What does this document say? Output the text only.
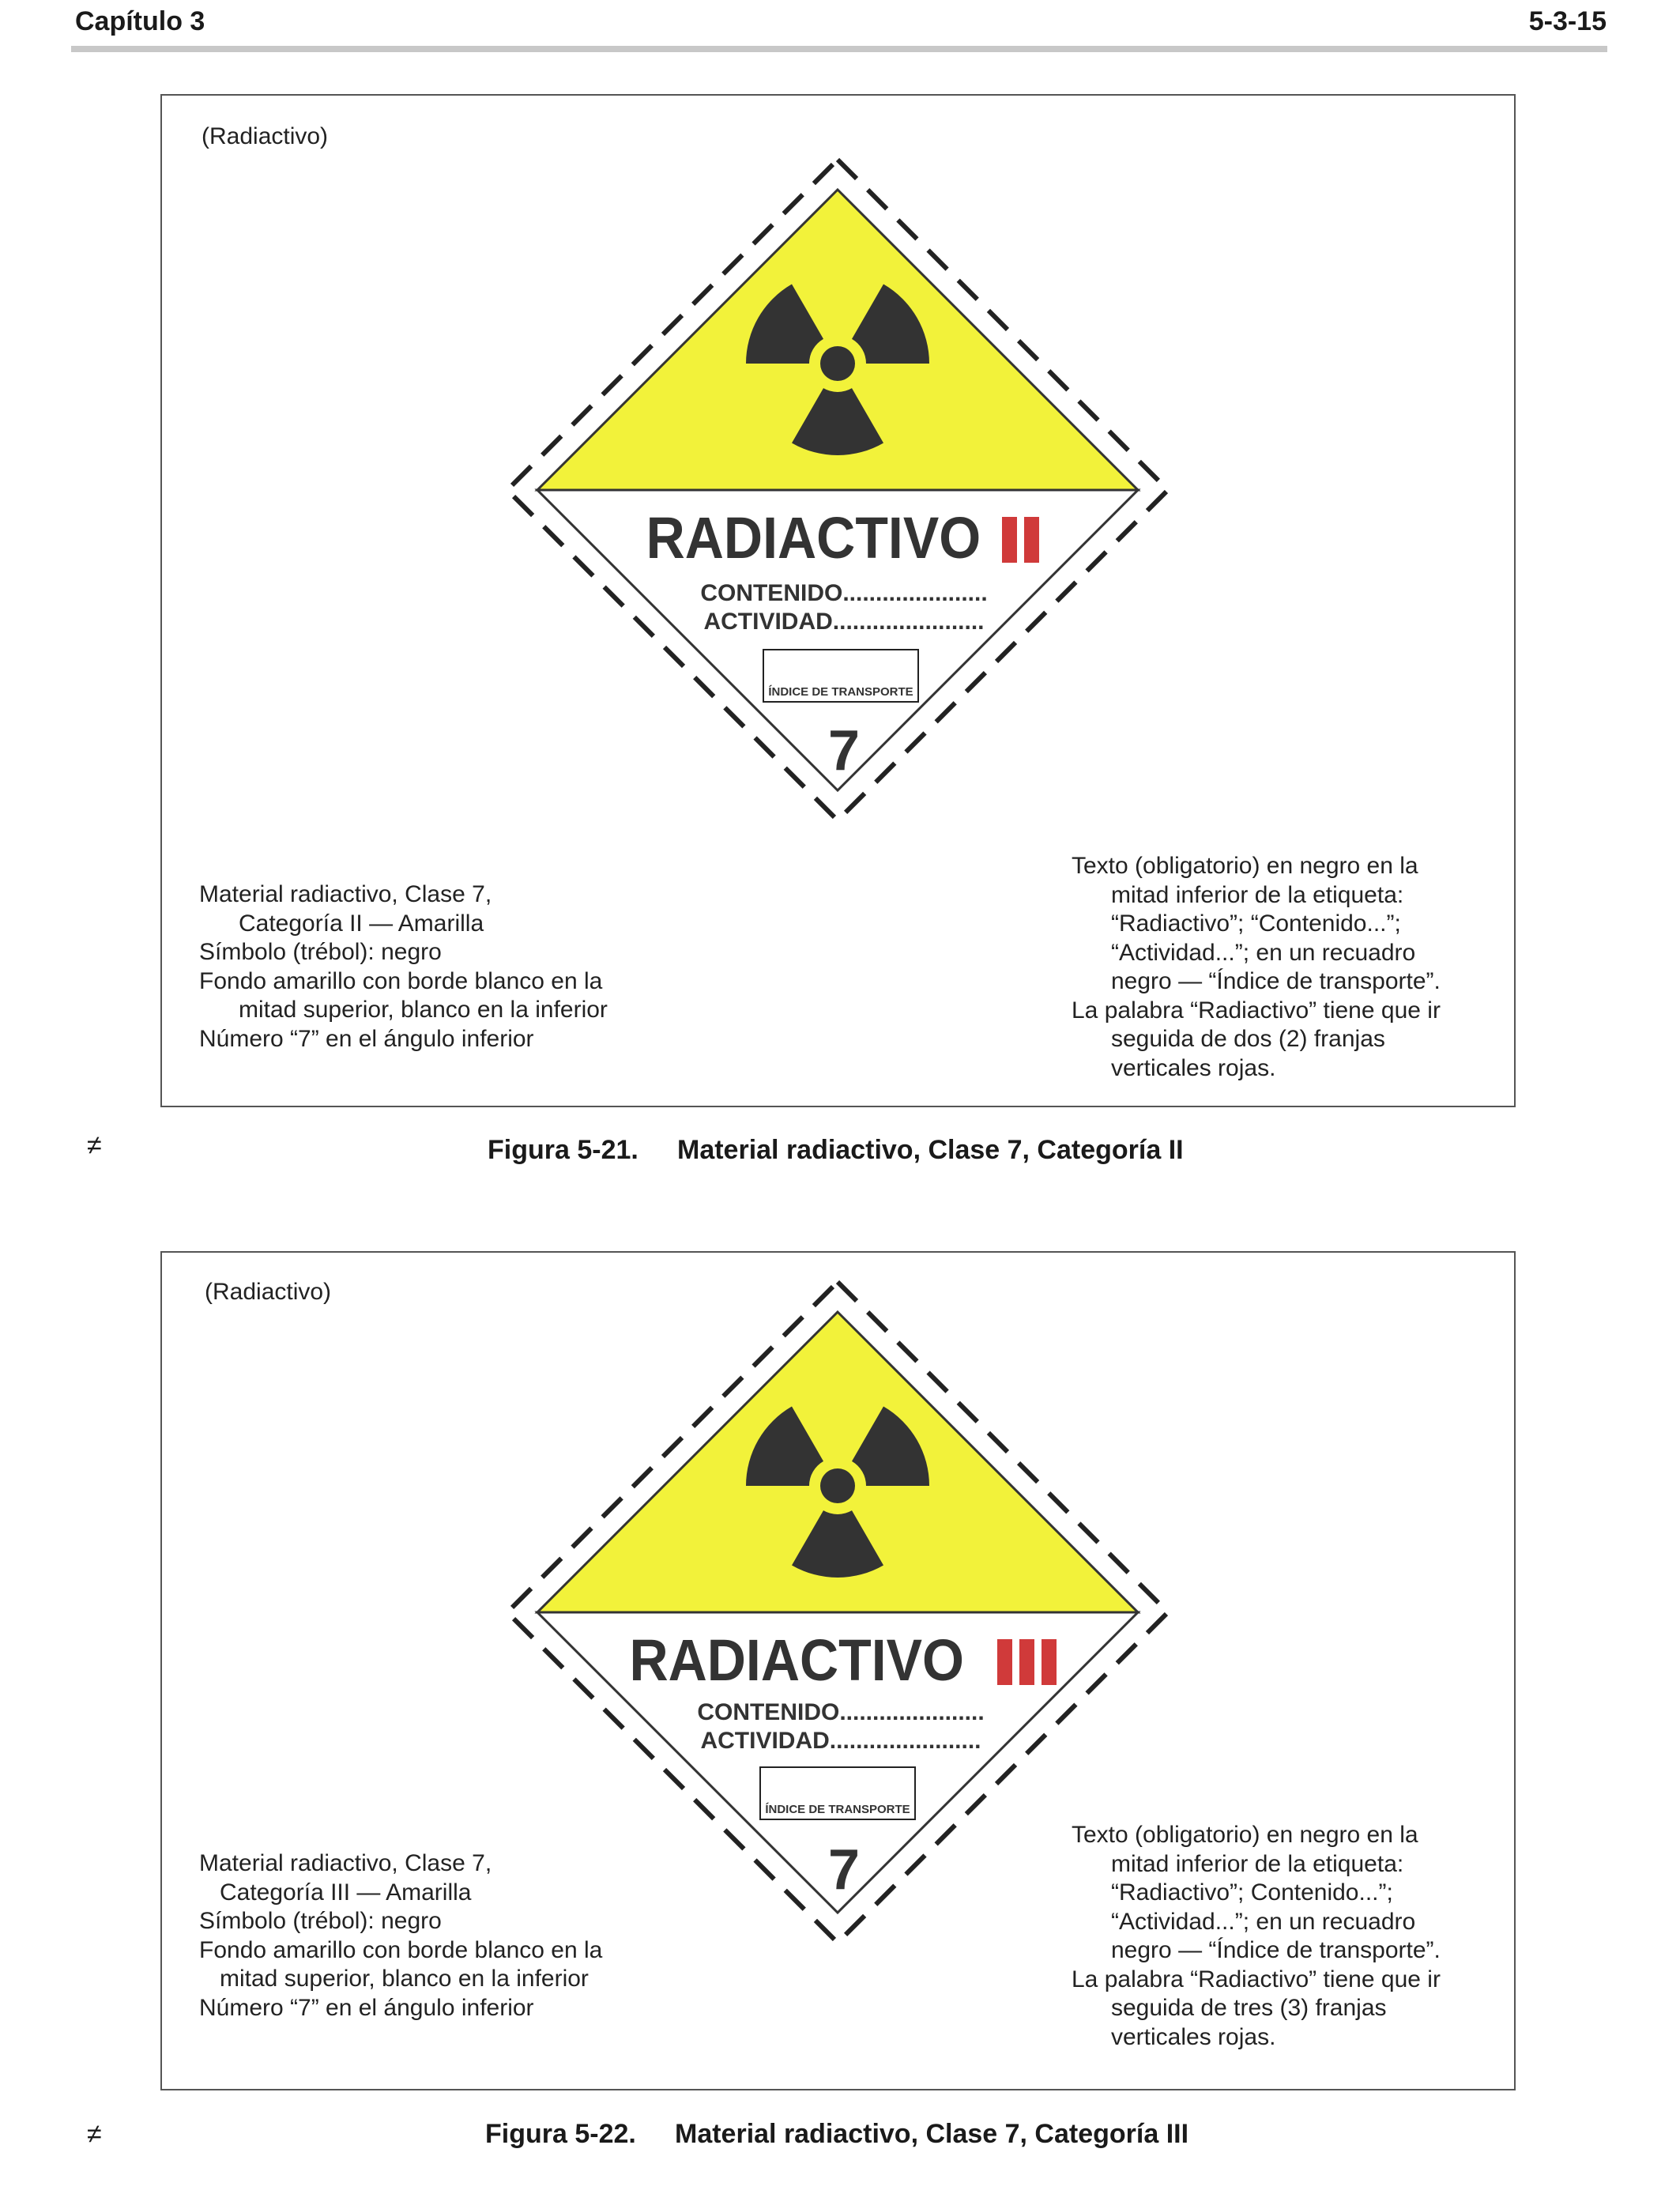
Capítulo 3	5-3-15
(Radiactivo)
RADIACTIVO
CONTENIDO......................
ACTIVIDAD.......................
ÍNDICE DE TRANSPORTE
7
Material radiactivo, Clase 7,
Categoría II — Amarilla
Símbolo (trébol): negro
Fondo amarillo con borde blanco en la
mitad superior, blanco en la inferior
Número “7” en el ángulo inferior
Texto (obligatorio) en negro en la
mitad inferior de la etiqueta:
“Radiactivo”; “Contenido...”;
“Actividad...”; en un recuadro
negro — “Índice de transporte”.
La palabra “Radiactivo” tiene que ir
seguida de dos (2) franjas
verticales rojas.
≠	Figura 5-21. Material radiactivo, Clase 7, Categoría II
(Radiactivo)
RADIACTIVO
CONTENIDO......................
ACTIVIDAD.......................
ÍNDICE DE TRANSPORTE
7
Material radiactivo, Clase 7,
Categoría III — Amarilla
Símbolo (trébol): negro
Fondo amarillo con borde blanco en la
mitad superior, blanco en la inferior
Número “7” en el ángulo inferior
Texto (obligatorio) en negro en la
mitad inferior de la etiqueta:
“Radiactivo”; Contenido...”;
“Actividad...”; en un recuadro
negro — “Índice de transporte”.
La palabra “Radiactivo” tiene que ir
seguida de tres (3) franjas
verticales rojas.
≠	Figura 5-22. Material radiactivo, Clase 7, Categoría III
